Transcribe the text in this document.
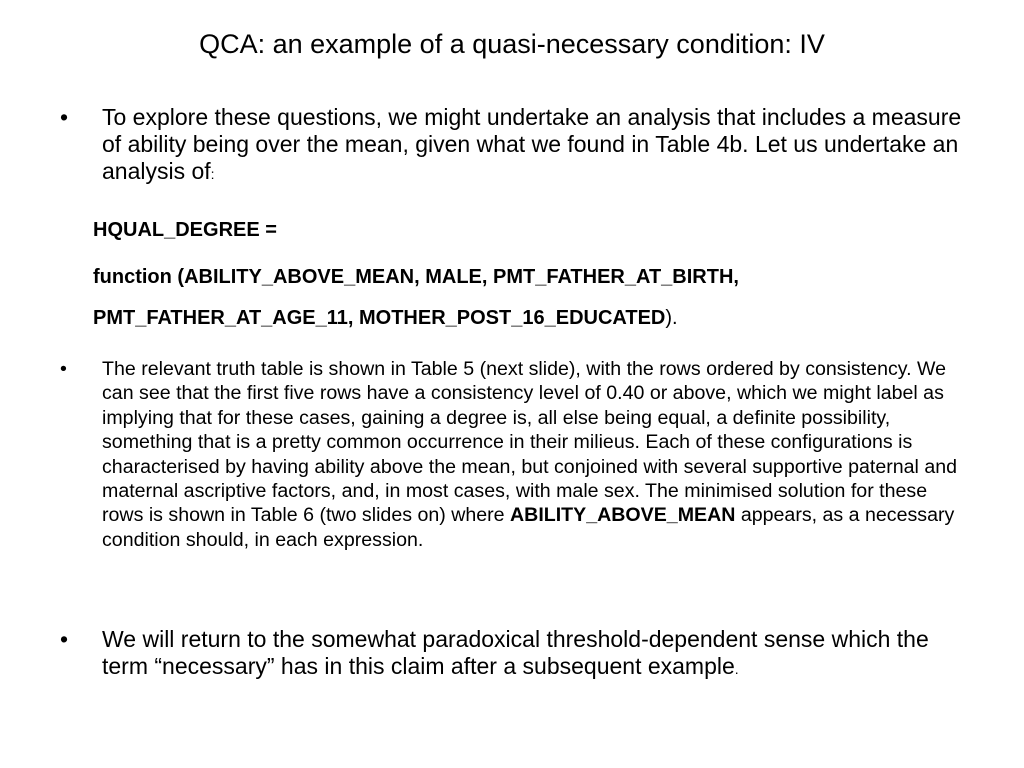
QCA: an example of a quasi-necessary condition: IV
• To explore these questions, we might undertake an analysis that includes a measure of ability being over the mean, given what we found in Table 4b. Let us undertake an analysis of:
HQUAL_DEGREE =
function (ABILITY_ABOVE_MEAN, MALE, PMT_FATHER_AT_BIRTH,
PMT_FATHER_AT_AGE_11, MOTHER_POST_16_EDUCATED).
• The relevant truth table is shown in Table 5 (next slide), with the rows ordered by consistency. We can see that the first five rows have a consistency level of 0.40 or above, which we might label as implying that for these cases, gaining a degree is, all else being equal, a definite possibility, something that is a pretty common occurrence in their milieus. Each of these configurations is characterised by having ability above the mean, but conjoined with several supportive paternal and maternal ascriptive factors, and, in most cases, with male sex. The minimised solution for these rows is shown in Table 6 (two slides on) where ABILITY_ABOVE_MEAN appears, as a necessary condition should, in each expression.
• We will return to the somewhat paradoxical threshold-dependent sense which the term “necessary” has in this claim after a subsequent example.
